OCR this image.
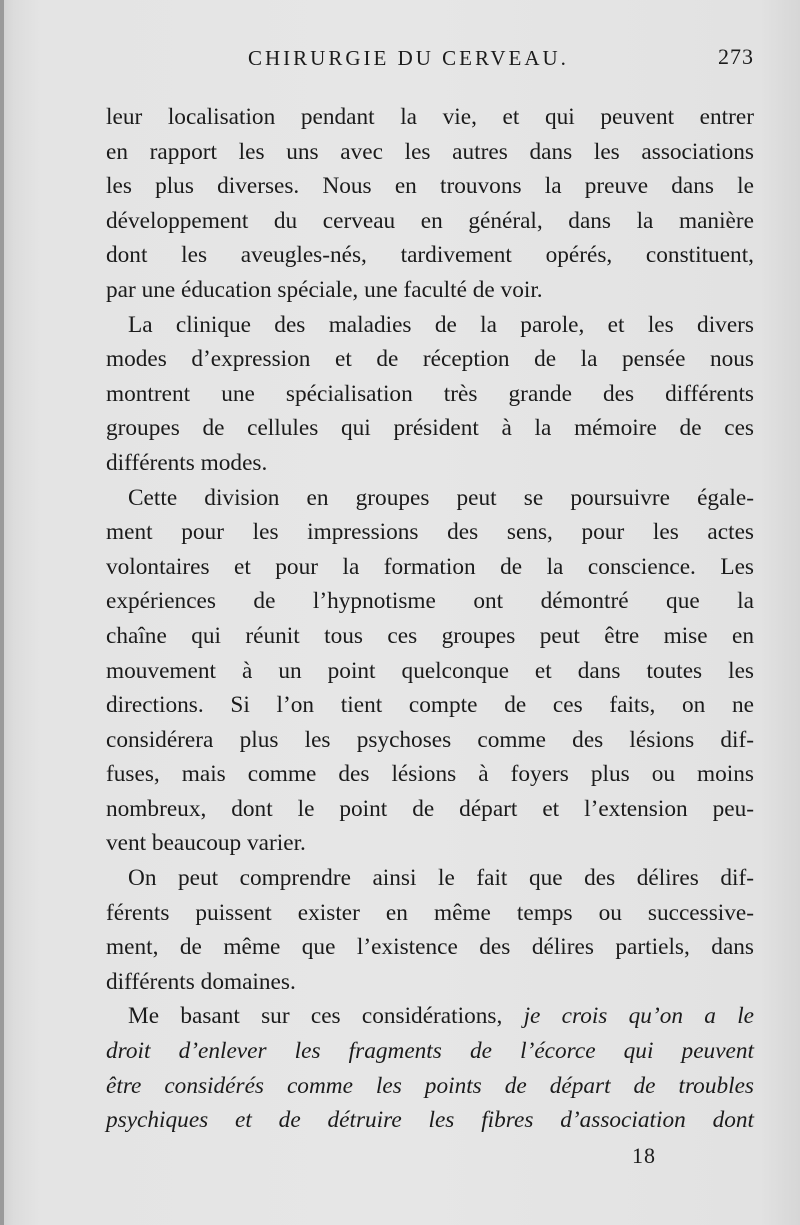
CHIRURGIE DU CERVEAU.	273
leur localisation pendant la vie, et qui peuvent entrer
en rapport les uns avec les autres dans les associations
les plus diverses. Nous en trouvons la preuve dans le
développement du cerveau en général, dans la manière
dont les aveugles-nés, tardivement opérés, constituent,
par une éducation spéciale, une faculté de voir.
La clinique des maladies de la parole, et les divers
modes d’expression et de réception de la pensée nous
montrent une spécialisation très grande des différents
groupes de cellules qui président à la mémoire de ces
différents modes.
Cette division en groupes peut se poursuivre égale-
ment pour les impressions des sens, pour les actes
volontaires et pour la formation de la conscience. Les
expériences de l’hypnotisme ont démontré que la
chaîne qui réunit tous ces groupes peut être mise en
mouvement à un point quelconque et dans toutes les
directions. Si l’on tient compte de ces faits, on ne
considérera plus les psychoses comme des lésions dif-
fuses, mais comme des lésions à foyers plus ou moins
nombreux, dont le point de départ et l’extension peu-
vent beaucoup varier.
On peut comprendre ainsi le fait que des délires dif-
férents puissent exister en même temps ou successive-
ment, de même que l’existence des délires partiels, dans
différents domaines.
Me basant sur ces considérations, je crois qu’on a le
droit d’enlever les fragments de l’écorce qui peuvent
être considérés comme les points de départ de troubles
psychiques et de détruire les fibres d’association dont
18
